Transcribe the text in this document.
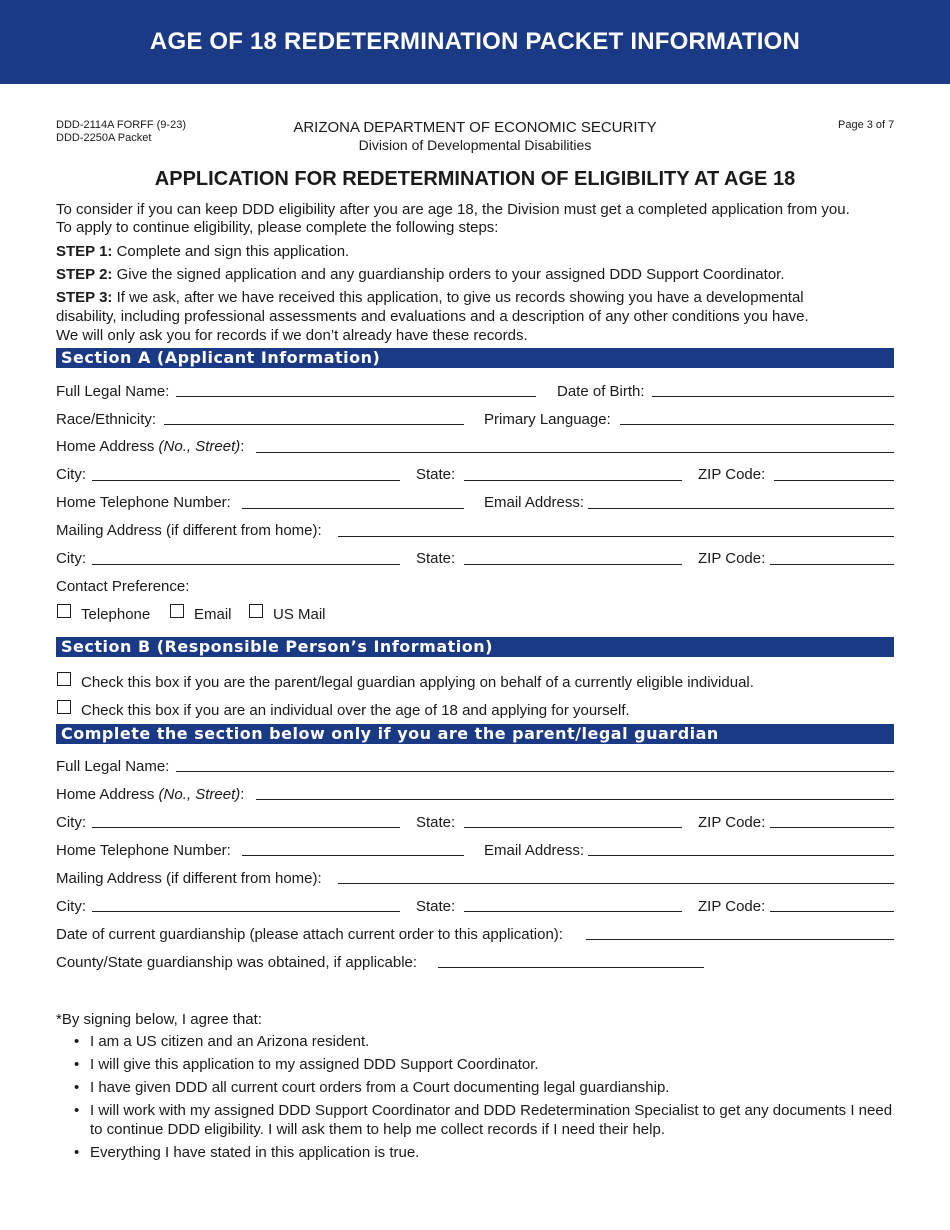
AGE OF 18 REDETERMINATION PACKET INFORMATION
DDD-2114A FORFF (9-23)
DDD-2250A Packet
ARIZONA DEPARTMENT OF ECONOMIC SECURITY
Division of Developmental Disabilities
Page 3 of 7
APPLICATION FOR REDETERMINATION OF ELIGIBILITY AT AGE 18
To consider if you can keep DDD eligibility after you are age 18, the Division must get a completed application from you.
To apply to continue eligibility, please complete the following steps:
STEP 1: Complete and sign this application.
STEP 2: Give the signed application and any guardianship orders to your assigned DDD Support Coordinator.
STEP 3: If we ask, after we have received this application, to give us records showing you have a developmental
disability, including professional assessments and evaluations and a description of any other conditions you have.
We will only ask you for records if we don’t already have these records.
Section A (Applicant Information)
Full Legal Name:	Date of Birth:
Race/Ethnicity:	Primary Language:
Home Address (No., Street):
City:	State:	ZIP Code:
Home Telephone Number:	Email Address:
Mailing Address (if different from home):
City:	State:	ZIP Code:
Contact Preference:
Telephone	Email	US Mail
Section B (Responsible Person’s Information)
Check this box if you are the parent/legal guardian applying on behalf of a currently eligible individual.
Check this box if you are an individual over the age of 18 and applying for yourself.
Complete the section below only if you are the parent/legal guardian
Full Legal Name:
Home Address (No., Street):
City:	State:	ZIP Code:
Home Telephone Number:	Email Address:
Mailing Address (if different from home):
City:	State:	ZIP Code:
Date of current guardianship (please attach current order to this application):
County/State guardianship was obtained, if applicable:
*By signing below, I agree that:
• I am a US citizen and an Arizona resident.
• I will give this application to my assigned DDD Support Coordinator.
• I have given DDD all current court orders from a Court documenting legal guardianship.
• I will work with my assigned DDD Support Coordinator and DDD Redetermination Specialist to get any documents I need to continue DDD eligibility. I will ask them to help me collect records if I need their help.
• Everything I have stated in this application is true.
